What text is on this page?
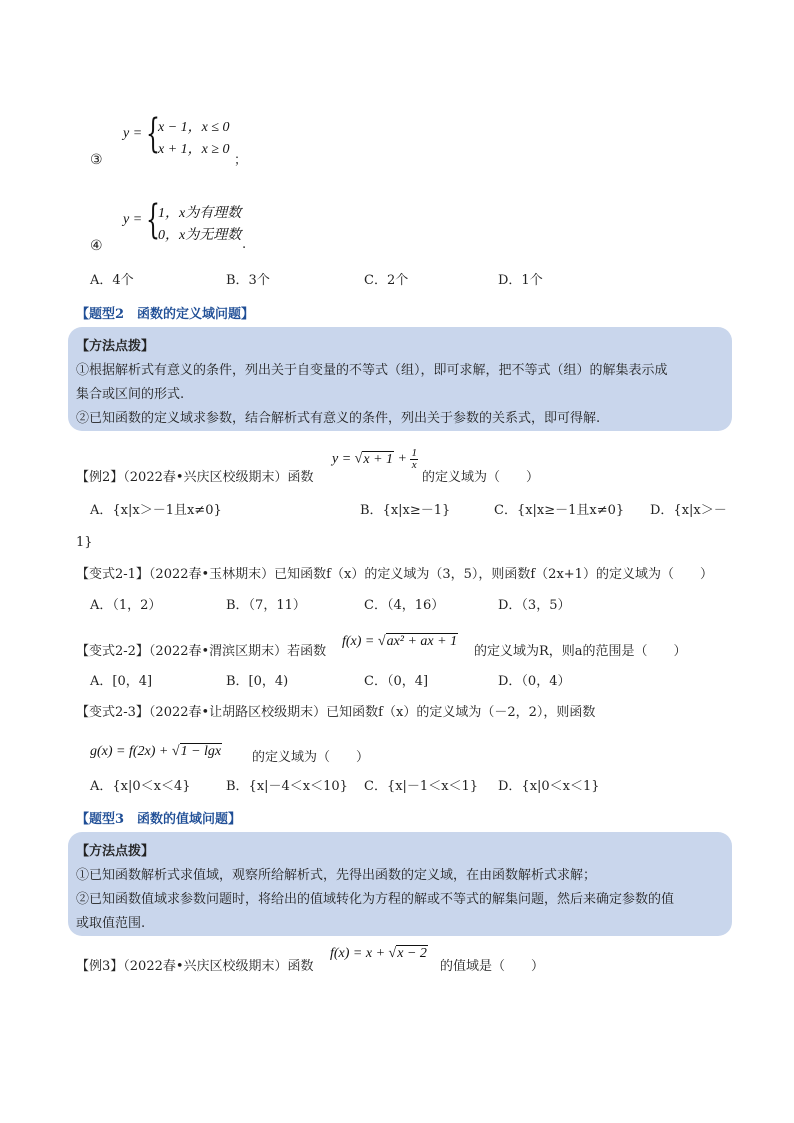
y = {
x − 1，x ≤ 0
x + 1，x ≥ 0
③	；
y = {
1，x为有理数
0，x为无理数
④	.
A．4个	B．3个	C．2个	D．1个
【题型2　函数的定义域问题】
【方法点拨】
①根据解析式有意义的条件，列出关于自变量的不等式（组），即可求解，把不等式（组）的解集表示成
集合或区间的形式.
②已知函数的定义域求参数，结合解析式有意义的条件，列出关于参数的关系式，即可得解.
【例2】（2022春•兴庆区校级期末）函数
$y = √x + 1 + \frac{1}{x}$
的定义域为（　　）
A．{x|x＞－1且x≠0}	B．{x|x≥－1}	C．{x|x≥－1且x≠0} D．{x|x＞－
1}
【变式2-1】（2022春•玉林期末）已知函数f（x）的定义域为（3，5），则函数f（2x+1）的定义域为（　　）
A．（1，2）	B．（7，11）	C．（4，16）	D．（3，5）
【变式2-2】（2022春•渭滨区期末）若函数
f(x) = √ax² + ax + 1
的定义域为R，则a的范围是（　　）
A．[0，4]	B．[0，4)	C．（0，4]	D．（0，4）
【变式2-3】（2022春•让胡路区校级期末）已知函数f（x）的定义域为（－2，2），则函数
g(x) = f(2x) + √1 − lgx 的定义域为（　　）
A．{x|0＜x＜4}	B．{x|－4＜x＜10} C．{x|－1＜x＜1} D．{x|0＜x＜1}
【题型3　函数的值域问题】
【方法点拨】
①已知函数解析式求值域，观察所给解析式，先得出函数的定义域，在由函数解析式求解；
②已知函数值域求参数问题时，将给出的值域转化为方程的解或不等式的解集问题，然后来确定参数的值
或取值范围.
【例3】（2022春•兴庆区校级期末）函数
f(x) = x + √x − 2
的值域是（　　）
